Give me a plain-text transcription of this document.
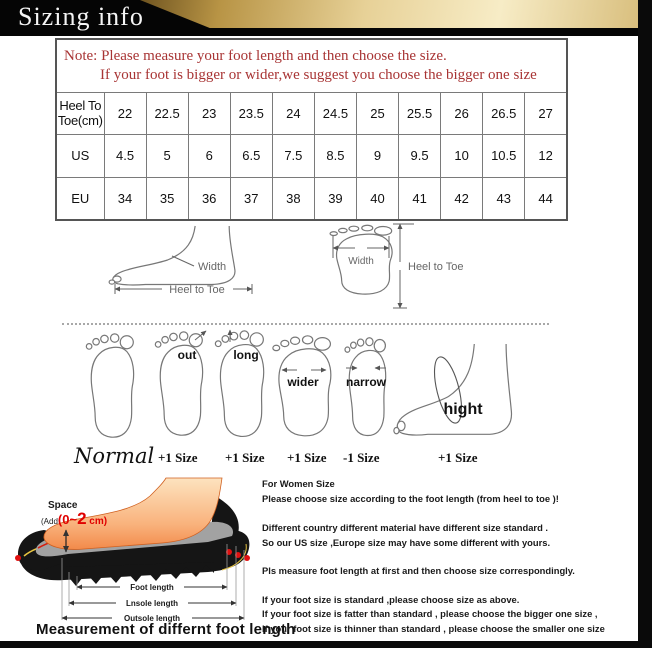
Sizing info
Note: Please measure your foot length and then choose the size.
If your foot is bigger or wider,we suggest you choose the bigger one size											

Heel To Toe(cm)	22	22.5	23	23.5	24	24.5	25	25.5	26	26.5	27
US	4.5	5	6	6.5	7.5	8.5	9	9.5	10	10.5	12
EU	34	35	36	37	38	39	40	41	42	43	44
Width
Heel to Toe
Width	Heel to Toe
out	long
wider narrow
hight
Normal +1 Size +1 Size +1 Size -1 Size	+1 Size
Space
(Add(0~2 cm)
Foot length
Lnsole length
Outsole length
Measurement of differnt foot length

For Women Size

Please choose size according to the foot length (from heel to toe )!

Different country different material have different size standard .

So our US size ,Europe size may have some different with yours.

Pls measure foot length at first and then choose size correspondingly.

If your foot size is standard ,please choose size as above.

If your foot size is fatter than standard , please choose the bigger one size ,

If your foot size is thinner than standard , please choose the smaller one size
